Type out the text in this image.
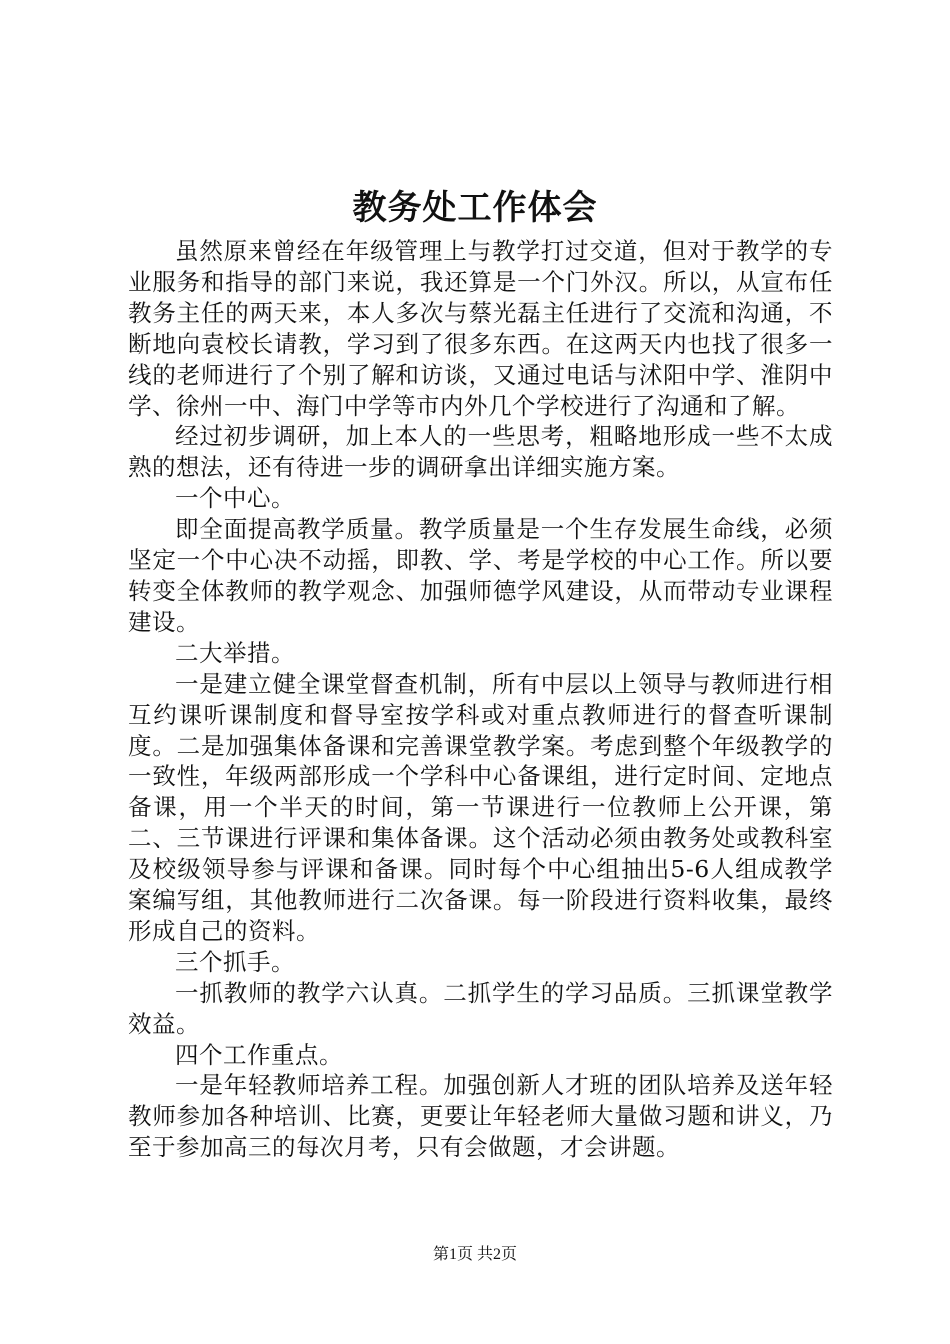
教务处工作体会

虽然原来曾经在年级管理上与教学打过交道，但对于教学的专业服务和指导的部门来说，我还算是一个门外汉。所以，从宣布任教务主任的两天来，本人多次与蔡光磊主任进行了交流和沟通，不断地向袁校长请教，学习到了很多东西。在这两天内也找了很多一线的老师进行了个别了解和访谈，又通过电话与沭阳中学、淮阴中学、徐州一中、海门中学等市内外几个学校进行了沟通和了解。

经过初步调研，加上本人的一些思考，粗略地形成一些不太成熟的想法，还有待进一步的调研拿出详细实施方案。

一个中心。

即全面提高教学质量。教学质量是一个生存发展生命线，必须坚定一个中心决不动摇，即教、学、考是学校的中心工作。所以要转变全体教师的教学观念、加强师德学风建设，从而带动专业课程建设。

二大举措。

一是建立健全课堂督查机制，所有中层以上领导与教师进行相互约课听课制度和督导室按学科或对重点教师进行的督查听课制度。二是加强集体备课和完善课堂教学案。考虑到整个年级教学的一致性，年级两部形成一个学科中心备课组，进行定时间、定地点备课，用一个半天的时间，第一节课进行一位教师上公开课，第二、三节课进行评课和集体备课。这个活动必须由教务处或教科室及校级领导参与评课和备课。同时每个中心组抽出5-6人组成教学案编写组，其他教师进行二次备课。每一阶段进行资料收集，最终形成自己的资料。

三个抓手。

一抓教师的教学六认真。二抓学生的学习品质。三抓课堂教学效益。

四个工作重点。

一是年轻教师培养工程。加强创新人才班的团队培养及送年轻教师参加各种培训、比赛，更要让年轻老师大量做习题和讲义，乃至于参加高三的每次月考，只有会做题，才会讲题。

第1页 共2页
